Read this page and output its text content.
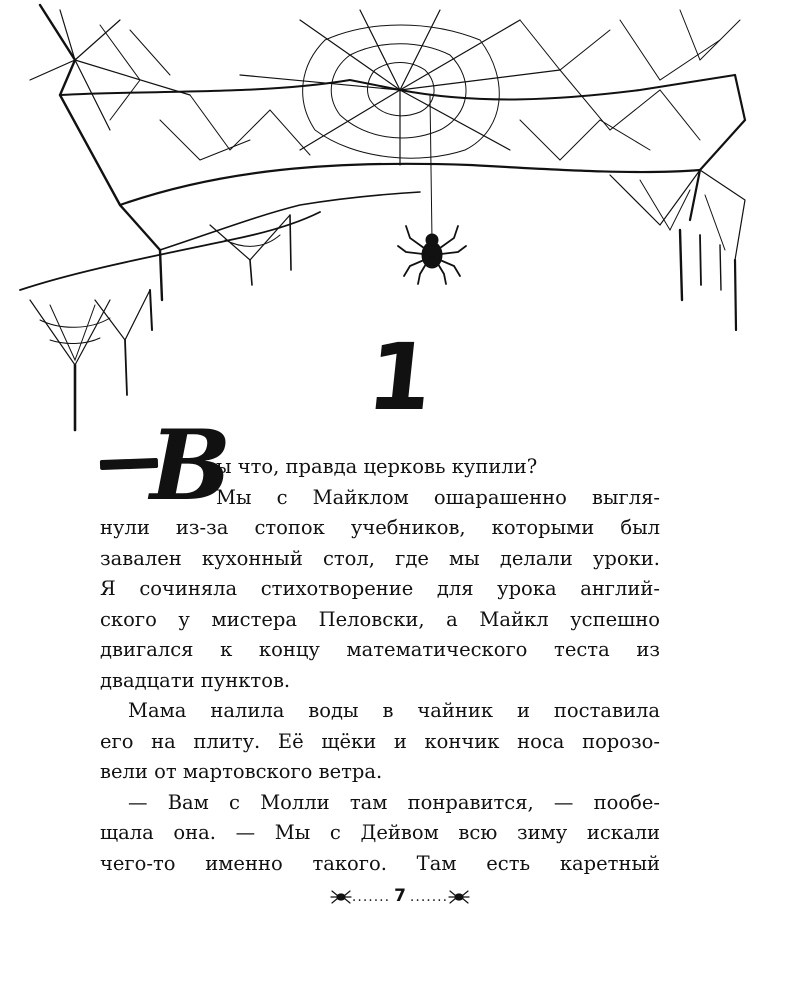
1
В
ы что, правда церковь купили?
Мы с Майклом ошарашенно выгля-
нули из-за стопок учебников, которыми был
завален кухонный стол, где мы делали уроки.
Я сочиняла стихотворение для урока англий-
ского у мистера Пеловски, а Майкл успешно
двигался к концу математического теста из
двадцати пунктов.
Мама налила воды в чайник и поставила
его на плиту. Её щёки и кончик носа порозо-
вели от мартовского ветра.
— Вам с Молли там понравится, — пообе-
щала она. — Мы с Дейвом всю зиму искали
чего-то именно такого. Там есть каретный
....... 7 .......
